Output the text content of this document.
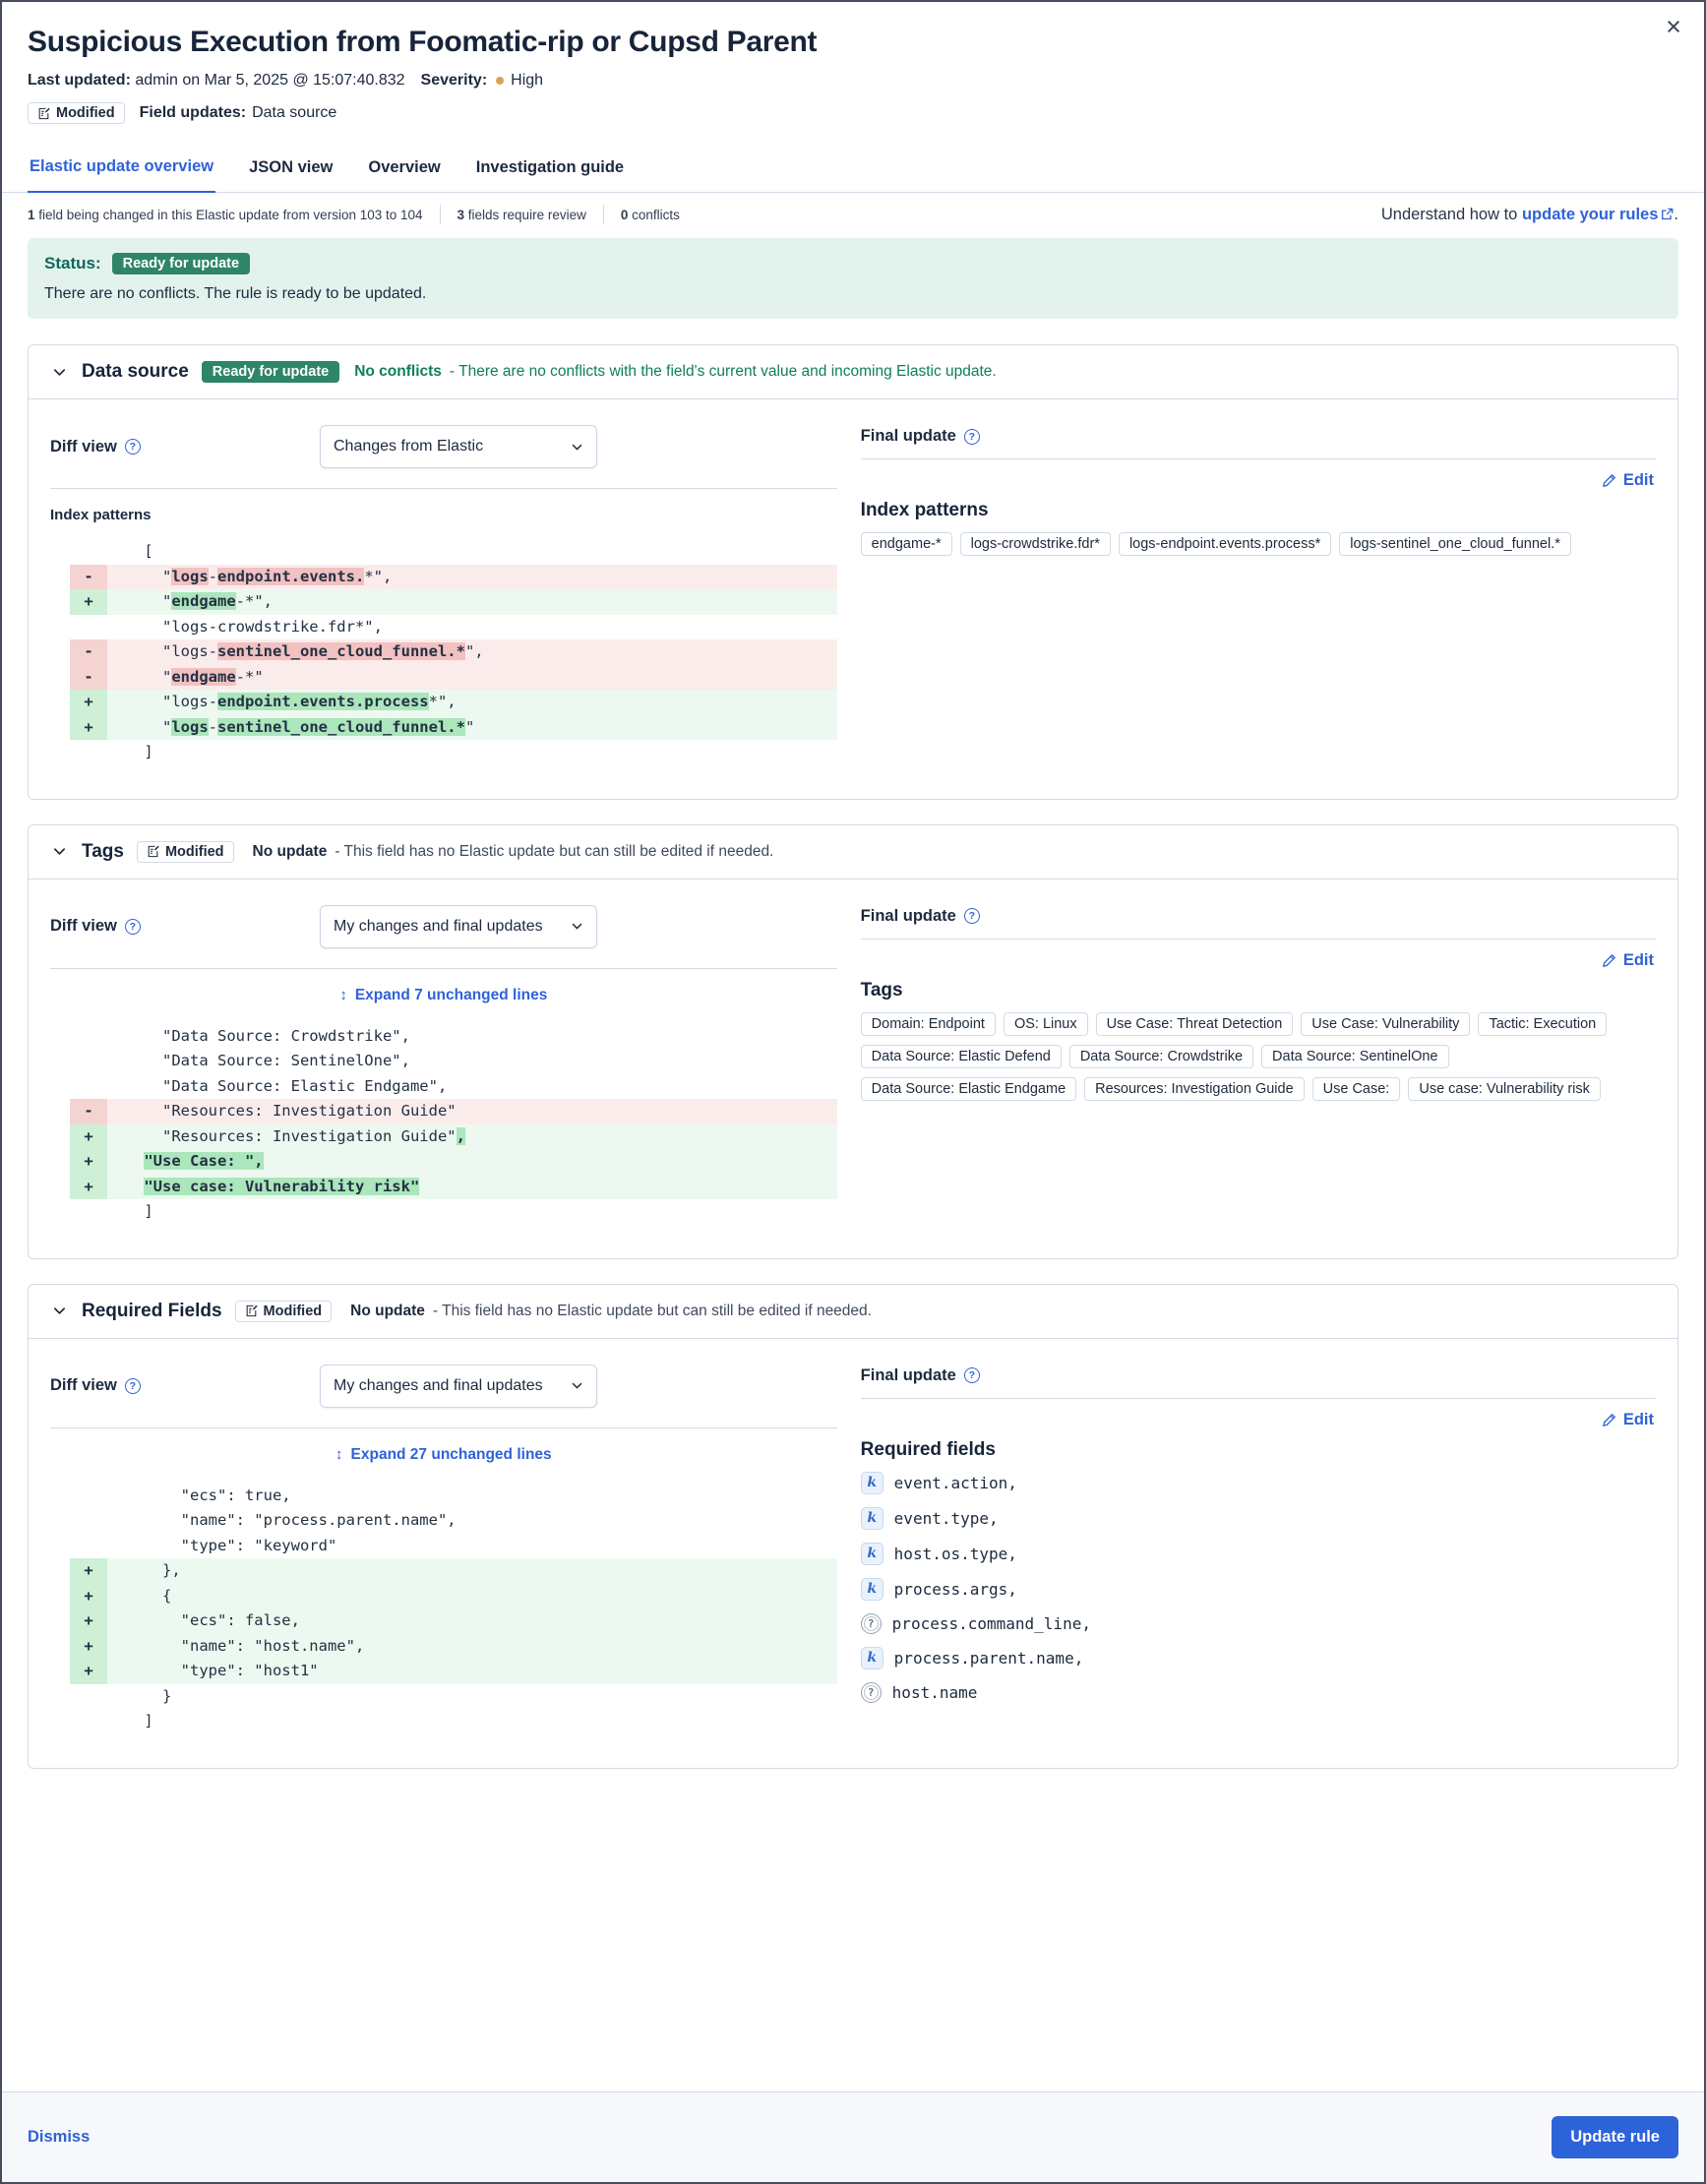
×
Suspicious Execution from Foomatic-rip or Cupsd Parent
Last updated:
admin on Mar 5, 2025 @ 15:07:40.832 Severity: High
Modified Field updates: Data source
Elastic update overview JSON view Overview Investigation guide
1 field being changed in this Elastic update from version 103 to 104	3 fields require review	0 conflicts	Understand how to update your rules .
Status:	Ready for update
There are no conflicts. The rule is ready to be updated.
Data source	Ready for update	No conflicts - There are no conflicts with the field's current value and incoming Elastic update.
Diff view ?	Changes from Elastic
Index patterns
[
- "logs-endpoint.events.*",
+ "endgame-*",
"logs-crowdstrike.fdr*",
- "logs-sentinel_one_cloud_funnel.*",
- "endgame-*"
+ "logs-endpoint.events.process*",
+ "logs-sentinel_one_cloud_funnel.*"
]
Final update
?
Edit
Index patterns
endgame-*	logs-crowdstrike.fdr*	logs-endpoint.events.process*	logs-sentinel_one_cloud_funnel.*
Tags	Modified No update - This field has no Elastic update but can still be edited if needed.
Diff view ?	My changes and final updates
↕
Expand 7 unchanged lines
"Data Source: Crowdstrike",
"Data Source: SentinelOne",
"Data Source: Elastic Endgame",
- "Resources: Investigation Guide"
+ "Resources: Investigation Guide",
+	"Use Case: ",
+	"Use case: Vulnerability risk"
]
Final update
?
Edit
Tags
Domain: Endpoint	OS: Linux	Use Case: Threat Detection	Use Case: Vulnerability	Tactic: Execution
Data Source: Elastic Defend	Data Source: Crowdstrike	Data Source: SentinelOne
Data Source: Elastic Endgame	Resources: Investigation Guide	Use Case:	Use case: Vulnerability risk
Required Fields	Modified No update - This field has no Elastic update but can still be edited if needed.
Diff view ?	My changes and final updates
↕
Expand 27 unchanged lines
"ecs": true,
"name": "process.parent.name",
"type": "keyword"
+ },
+ {
+ "ecs": false,
+ "name": "host.name",
+ "type": "host1"
}
]
Final update
?
Edit
Required fields
k	event.action,
k	event.type,
k	host.os.type,
k	process.args,
?	process.command_line,
k	process.parent.name,
?	host.name
Dismiss	Update rule
